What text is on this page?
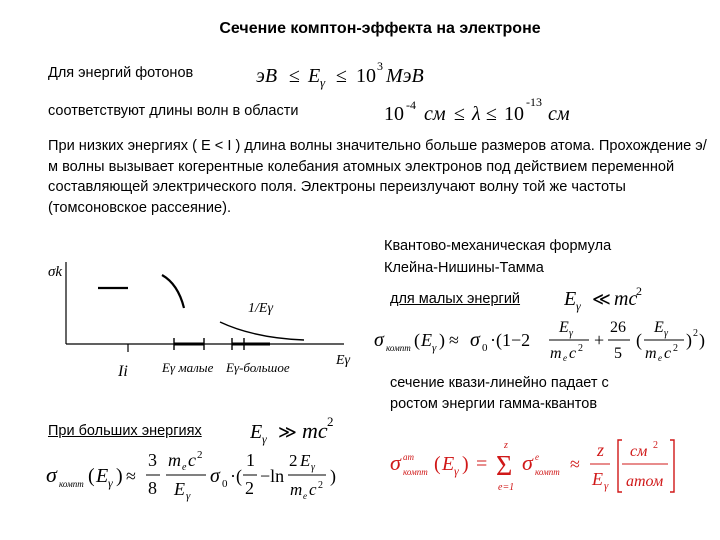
Сечение комптон-эффекта на электроне
Для энергий фотонов	эВ ≤ E γ ≤ 10 3 МэВ
соответствуют длины волн в области	10 -4 см ≤ λ ≤ 10
-13
см
При низких энергиях ( E < I ) длина волны значительно больше размеров атома. Прохождение э/м волны вызывает когерентные колебания атомных электронов под действием переменной составляющей электрического поля. Электроны переизлучают волну той же частоты (томсоновское рассеяние).
Квантово-механическая формула
Клейна-Нишины-Тамма
для малых энергий E γ ≪ mc
2
σ компт ( E γ ) ≈ σ 0 ·(1−2
E γ
m e c 2 +
26
5
(
E γ
m e c 2 ) 2 )
сечение квази-линейно падает с
ростом энергии гамма-квантов
При больших энергиях E γ ≫ mc 2
σ компт ( E γ ) ≈
3
8
m e c 2
E γ
σ 0 ·(
1
2
−ln
2 E γ
m e c 2 )
σ ат
компт ( E γ ) =
z
Σ
e=1
σ e
компт ≈
z
E γ
см 2
атом
σk
Eγ
Ii	Eγ малые Eγ-большое
1/Eγ
